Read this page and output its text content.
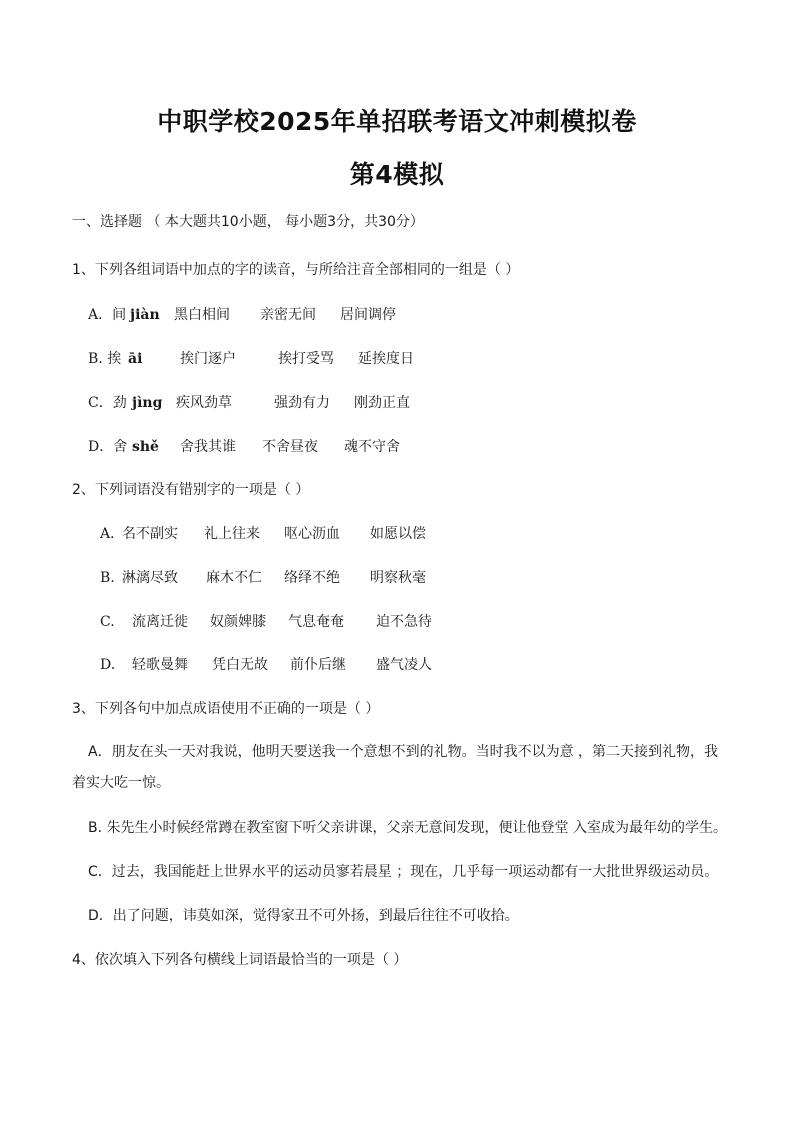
中职学校2025年单招联考语文冲刺模拟卷
第4模拟
一、选择题 （ 本大题共10小题， 每小题3分，共30分）
1、下列各组词语中加点的字的读音，与所给注音全部相同的一组是（ ）
A．间 jiàn 黑白相间 亲密无间 居间调停
B. 挨 āi	挨门逐户	挨打受骂 延挨度日
C．劲 jìng 疾风劲草	强劲有力 刚劲正直
D．舍 shě 舍我其谁 不舍昼夜 魂不守舍
2、下列词语没有错别字的一项是（ ）
A．
名不副实 礼上往来 呕心沥血 如愿以偿
B. 淋漓尽致 麻木不仁 络绎不绝 明察秋毫
C. 流离迁徙 奴颜婢膝 气息奄奄 迫不急待
D. 轻歌曼舞 凭白无故 前仆后继 盛气凌人
3、下列各句中加点成语使用不正确的一项是（ ）
A．朋友在头一天对我说，他明天要送我一个意想不到的礼物。当时我不以为意 ，第二天接到礼物，我着实大吃一惊。
B. 朱先生小时候经常蹲在教室窗下听父亲讲课，父亲无意间发现，便让他登堂 入室成为最年幼的学生。
C．过去，我国能赶上世界水平的运动员寥若晨星 ；现在，几乎每一项运动都有一大批世界级运动员。
D．出了问题，讳莫如深，觉得家丑不可外扬，到最后往往不可收拾。
4、依次填入下列各句横线上词语最恰当的一项是（ ）
